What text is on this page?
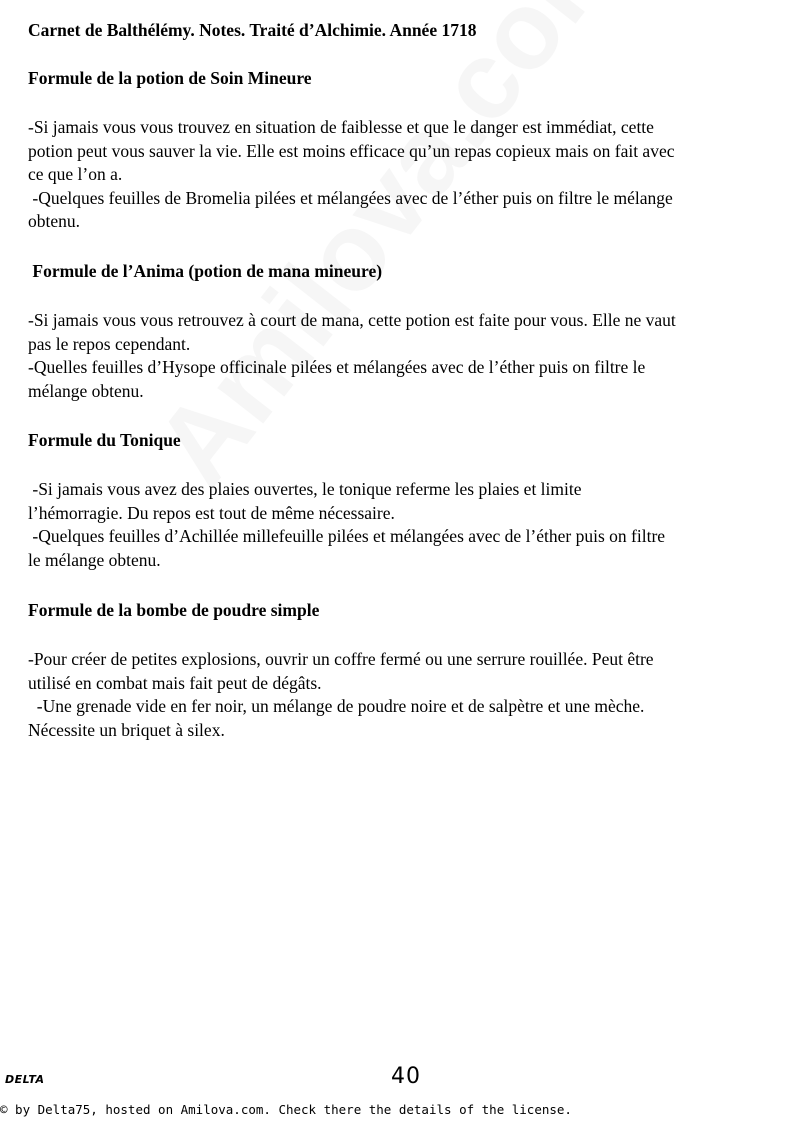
Carnet de Balthélémy. Notes. Traité d’Alchimie. Année 1718
Formule de la potion de Soin Mineure
-Si jamais vous vous trouvez en situation de faiblesse et que le danger est immédiat, cette
potion peut vous sauver la vie. Elle est moins efficace qu’un repas copieux mais on fait avec
ce que l’on a.
-Quelques feuilles de Bromelia pilées et mélangées avec de l’éther puis on filtre le mélange
obtenu.
Formule de l’Anima (potion de mana mineure)
-Si jamais vous vous retrouvez à court de mana, cette potion est faite pour vous. Elle ne vaut
pas le repos cependant.
-Quelles feuilles d’Hysope officinale pilées et mélangées avec de l’éther puis on filtre le
mélange obtenu.
Formule du Tonique
-Si jamais vous avez des plaies ouvertes, le tonique referme les plaies et limite
l’hémorragie. Du repos est tout de même nécessaire.
-Quelques feuilles d’Achillée millefeuille pilées et mélangées avec de l’éther puis on filtre
le mélange obtenu.
Formule de la bombe de poudre simple
-Pour créer de petites explosions, ouvrir un coffre fermé ou une serrure rouillée. Peut être
utilisé en combat mais fait peut de dégâts.
-Une grenade vide en fer noir, un mélange de poudre noire et de salpètre et une mèche.
Nécessite un briquet à silex.
DELTA	40
© by Delta75, hosted on Amilova.com. Check there the details of the license.
